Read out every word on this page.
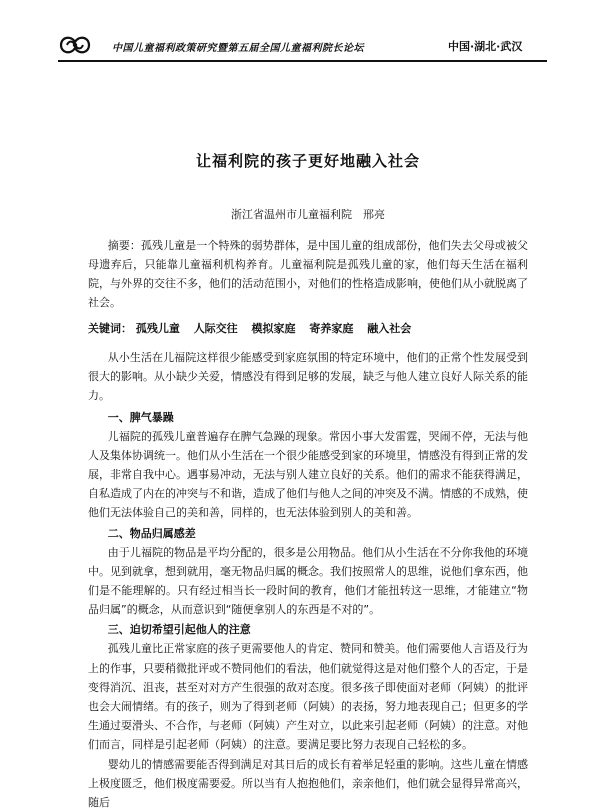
中国儿童福利政策研究暨第五届全国儿童福利院长论坛	中国·湖北·武汉
让福利院的孩子更好地融入社会
浙江省温州市儿童福利院　邢亮
摘要：孤残儿童是一个特殊的弱势群体，是中国儿童的组成部份，他们失去父母或被父母遗弃后，只能靠儿童福利机构养育。儿童福利院是孤残儿童的家，他们每天生活在福利院，与外界的交往不多，他们的活动范围小，对他们的性格造成影响，使他们从小就脱离了社会。
关键词： 孤残儿童 人际交往 模拟家庭 寄养家庭 融入社会

从小生活在儿福院这样很少能感受到家庭氛围的特定环境中，他们的正常个性发展受到很大的影响。从小缺少关爱，情感没有得到足够的发展，缺乏与他人建立良好人际关系的能力。

一、脾气暴躁

儿福院的孤残儿童普遍存在脾气急躁的现象。常因小事大发雷霆，哭闹不停，无法与他人及集体协调统一。他们从小生活在一个很少能感受到家的环境里，情感没有得到正常的发展，非常自我中心。遇事易冲动，无法与别人建立良好的关系。他们的需求不能获得满足，自私造成了内在的冲突与不和谐，造成了他们与他人之间的冲突及不满。情感的不成熟，使他们无法体验自己的美和善，同样的，也无法体验到别人的美和善。

二、物品归属感差

由于儿福院的物品是平均分配的，很多是公用物品。他们从小生活在不分你我他的环境中。见到就拿，想到就用，毫无物品归属的概念。我们按照常人的思维，说他们拿东西，他们是不能理解的。只有经过相当长一段时间的教育，他们才能扭转这一思维，才能建立“物品归属”的概念，从而意识到“随便拿别人的东西是不对的”。

三、迫切希望引起他人的注意

孤残儿童比正常家庭的孩子更需要他人的肯定、赞同和赞美。他们需要他人言语及行为上的作事，只要稍微批评或不赞同他们的看法，他们就觉得这是对他们整个人的否定，于是变得消沉、沮丧，甚至对对方产生很强的敌对态度。很多孩子即使面对老师（阿姨）的批评也会大闹情绪。有的孩子，则为了得到老师（阿姨）的表扬，努力地表现自己；但更多的学生通过耍滑头、不合作，与老师（阿姨）产生对立，以此来引起老师（阿姨）的注意。对他们而言，同样是引起老师（阿姨）的注意。要满足要比努力表现自己轻松的多。

婴幼儿的情感需要能否得到满足对其日后的成长有着举足轻重的影响。这些儿童在情感上极度匮乏，他们极度需要爱。所以当有人抱抱他们，亲亲他们，他们就会显得异常高兴，随后
